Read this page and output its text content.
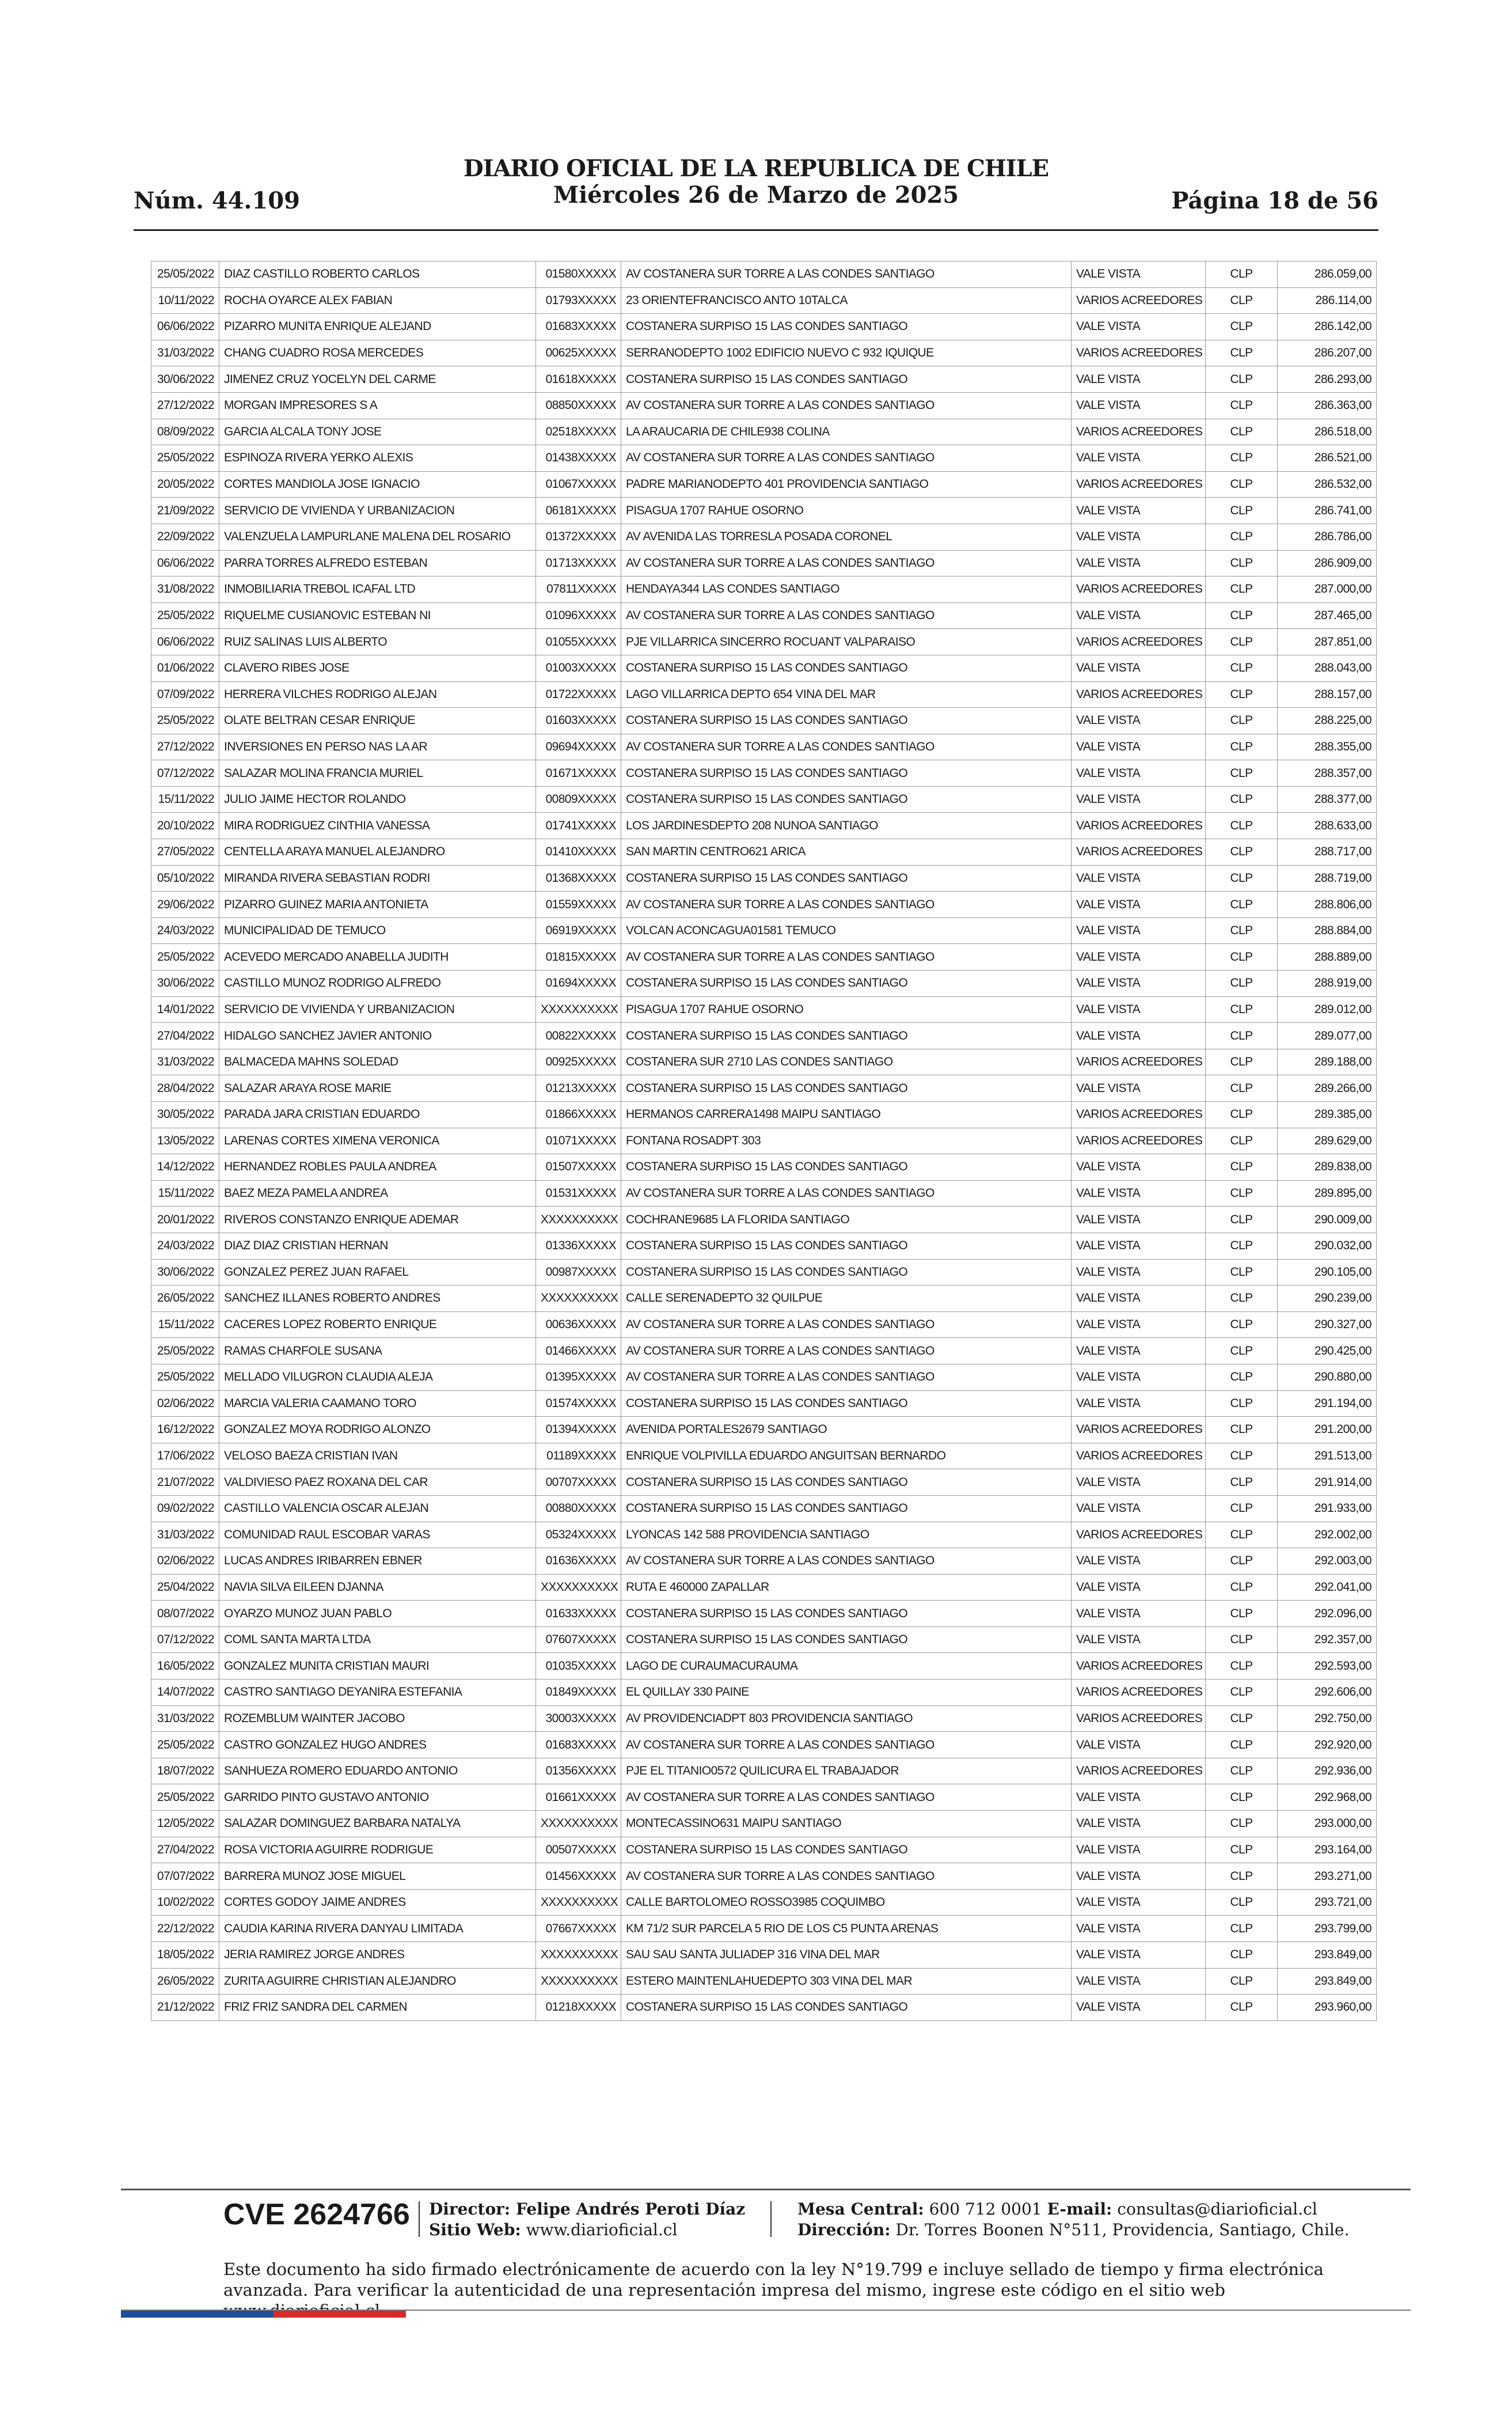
Núm. 44.109
DIARIO OFICIAL DE LA REPUBLICA DE CHILE
Miércoles 26 de Marzo de 2025	Página 18 de 56
25/05/2022	DIAZ CASTILLO ROBERTO CARLOS	01580XXXXX	AV COSTANERA SUR TORRE A LAS CONDES SANTIAGO	VALE VISTA	CLP	286.059,00
10/11/2022	ROCHA OYARCE ALEX FABIAN	01793XXXXX	23 ORIENTEFRANCISCO ANTO 10TALCA	VARIOS ACREEDORES	CLP	286.114,00
06/06/2022	PIZARRO MUNITA ENRIQUE ALEJAND	01683XXXXX	COSTANERA SURPISO 15 LAS CONDES SANTIAGO	VALE VISTA	CLP	286.142,00
31/03/2022	CHANG CUADRO ROSA MERCEDES	00625XXXXX	SERRANODEPTO 1002 EDIFICIO NUEVO C 932 IQUIQUE	VARIOS ACREEDORES	CLP	286.207,00
30/06/2022	JIMENEZ CRUZ YOCELYN DEL CARME	01618XXXXX	COSTANERA SURPISO 15 LAS CONDES SANTIAGO	VALE VISTA	CLP	286.293,00
27/12/2022	MORGAN IMPRESORES S A	08850XXXXX	AV COSTANERA SUR TORRE A LAS CONDES SANTIAGO	VALE VISTA	CLP	286.363,00
08/09/2022	GARCIA ALCALA TONY JOSE	02518XXXXX	LA ARAUCARIA DE CHILE938 COLINA	VARIOS ACREEDORES	CLP	286.518,00
25/05/2022	ESPINOZA RIVERA YERKO ALEXIS	01438XXXXX	AV COSTANERA SUR TORRE A LAS CONDES SANTIAGO	VALE VISTA	CLP	286.521,00
20/05/2022	CORTES MANDIOLA JOSE IGNACIO	01067XXXXX	PADRE MARIANODEPTO 401 PROVIDENCIA SANTIAGO	VARIOS ACREEDORES	CLP	286.532,00
21/09/2022	SERVICIO DE VIVIENDA Y URBANIZACION	06181XXXXX	PISAGUA 1707 RAHUE OSORNO	VALE VISTA	CLP	286.741,00
22/09/2022	VALENZUELA LAMPURLANE MALENA DEL ROSARIO	01372XXXXX	AV AVENIDA LAS TORRESLA POSADA CORONEL	VALE VISTA	CLP	286.786,00
06/06/2022	PARRA TORRES ALFREDO ESTEBAN	01713XXXXX	AV COSTANERA SUR TORRE A LAS CONDES SANTIAGO	VALE VISTA	CLP	286.909,00
31/08/2022	INMOBILIARIA TREBOL ICAFAL LTD	07811XXXXX	HENDAYA344 LAS CONDES SANTIAGO	VARIOS ACREEDORES	CLP	287.000,00
25/05/2022	RIQUELME CUSIANOVIC ESTEBAN NI	01096XXXXX	AV COSTANERA SUR TORRE A LAS CONDES SANTIAGO	VALE VISTA	CLP	287.465,00
06/06/2022	RUIZ SALINAS LUIS ALBERTO	01055XXXXX	PJE VILLARRICA SINCERRO ROCUANT VALPARAISO	VARIOS ACREEDORES	CLP	287.851,00
01/06/2022	CLAVERO RIBES JOSE	01003XXXXX	COSTANERA SURPISO 15 LAS CONDES SANTIAGO	VALE VISTA	CLP	288.043,00
07/09/2022	HERRERA VILCHES RODRIGO ALEJAN	01722XXXXX	LAGO VILLARRICA DEPTO 654 VINA DEL MAR	VARIOS ACREEDORES	CLP	288.157,00
25/05/2022	OLATE BELTRAN CESAR ENRIQUE	01603XXXXX	COSTANERA SURPISO 15 LAS CONDES SANTIAGO	VALE VISTA	CLP	288.225,00
27/12/2022	INVERSIONES EN PERSO NAS LA AR	09694XXXXX	AV COSTANERA SUR TORRE A LAS CONDES SANTIAGO	VALE VISTA	CLP	288.355,00
07/12/2022	SALAZAR MOLINA FRANCIA MURIEL	01671XXXXX	COSTANERA SURPISO 15 LAS CONDES SANTIAGO	VALE VISTA	CLP	288.357,00
15/11/2022	JULIO JAIME HECTOR ROLANDO	00809XXXXX	COSTANERA SURPISO 15 LAS CONDES SANTIAGO	VALE VISTA	CLP	288.377,00
20/10/2022	MIRA RODRIGUEZ CINTHIA VANESSA	01741XXXXX	LOS JARDINESDEPTO 208 NUNOA SANTIAGO	VARIOS ACREEDORES	CLP	288.633,00
27/05/2022	CENTELLA ARAYA MANUEL ALEJANDRO	01410XXXXX	SAN MARTIN CENTRO621 ARICA	VARIOS ACREEDORES	CLP	288.717,00
05/10/2022	MIRANDA RIVERA SEBASTIAN RODRI	01368XXXXX	COSTANERA SURPISO 15 LAS CONDES SANTIAGO	VALE VISTA	CLP	288.719,00
29/06/2022	PIZARRO GUINEZ MARIA ANTONIETA	01559XXXXX	AV COSTANERA SUR TORRE A LAS CONDES SANTIAGO	VALE VISTA	CLP	288.806,00
24/03/2022	MUNICIPALIDAD DE TEMUCO	06919XXXXX	VOLCAN ACONCAGUA01581 TEMUCO	VALE VISTA	CLP	288.884,00
25/05/2022	ACEVEDO MERCADO ANABELLA JUDITH	01815XXXXX	AV COSTANERA SUR TORRE A LAS CONDES SANTIAGO	VALE VISTA	CLP	288.889,00
30/06/2022	CASTILLO MUNOZ RODRIGO ALFREDO	01694XXXXX	COSTANERA SURPISO 15 LAS CONDES SANTIAGO	VALE VISTA	CLP	288.919,00
14/01/2022	SERVICIO DE VIVIENDA Y URBANIZACION	XXXXXXXXXX	PISAGUA 1707 RAHUE OSORNO	VALE VISTA	CLP	289.012,00
27/04/2022	HIDALGO SANCHEZ JAVIER ANTONIO	00822XXXXX	COSTANERA SURPISO 15 LAS CONDES SANTIAGO	VALE VISTA	CLP	289.077,00
31/03/2022	BALMACEDA MAHNS SOLEDAD	00925XXXXX	COSTANERA SUR 2710 LAS CONDES SANTIAGO	VARIOS ACREEDORES	CLP	289.188,00
28/04/2022	SALAZAR ARAYA ROSE MARIE	01213XXXXX	COSTANERA SURPISO 15 LAS CONDES SANTIAGO	VALE VISTA	CLP	289.266,00
30/05/2022	PARADA JARA CRISTIAN EDUARDO	01866XXXXX	HERMANOS CARRERA1498 MAIPU SANTIAGO	VARIOS ACREEDORES	CLP	289.385,00
13/05/2022	LARENAS CORTES XIMENA VERONICA	01071XXXXX	FONTANA ROSADPT 303	VARIOS ACREEDORES	CLP	289.629,00
14/12/2022	HERNANDEZ ROBLES PAULA ANDREA	01507XXXXX	COSTANERA SURPISO 15 LAS CONDES SANTIAGO	VALE VISTA	CLP	289.838,00
15/11/2022	BAEZ MEZA PAMELA ANDREA	01531XXXXX	AV COSTANERA SUR TORRE A LAS CONDES SANTIAGO	VALE VISTA	CLP	289.895,00
20/01/2022	RIVEROS CONSTANZO ENRIQUE ADEMAR	XXXXXXXXXX	COCHRANE9685 LA FLORIDA SANTIAGO	VALE VISTA	CLP	290.009,00
24/03/2022	DIAZ DIAZ CRISTIAN HERNAN	01336XXXXX	COSTANERA SURPISO 15 LAS CONDES SANTIAGO	VALE VISTA	CLP	290.032,00
30/06/2022	GONZALEZ PEREZ JUAN RAFAEL	00987XXXXX	COSTANERA SURPISO 15 LAS CONDES SANTIAGO	VALE VISTA	CLP	290.105,00
26/05/2022	SANCHEZ ILLANES ROBERTO ANDRES	XXXXXXXXXX	CALLE SERENADEPTO 32 QUILPUE	VALE VISTA	CLP	290.239,00
15/11/2022	CACERES LOPEZ ROBERTO ENRIQUE	00636XXXXX	AV COSTANERA SUR TORRE A LAS CONDES SANTIAGO	VALE VISTA	CLP	290.327,00
25/05/2022	RAMAS CHARFOLE SUSANA	01466XXXXX	AV COSTANERA SUR TORRE A LAS CONDES SANTIAGO	VALE VISTA	CLP	290.425,00
25/05/2022	MELLADO VILUGRON CLAUDIA ALEJA	01395XXXXX	AV COSTANERA SUR TORRE A LAS CONDES SANTIAGO	VALE VISTA	CLP	290.880,00
02/06/2022	MARCIA VALERIA CAAMANO TORO	01574XXXXX	COSTANERA SURPISO 15 LAS CONDES SANTIAGO	VALE VISTA	CLP	291.194,00
16/12/2022	GONZALEZ MOYA RODRIGO ALONZO	01394XXXXX	AVENIDA PORTALES2679 SANTIAGO	VARIOS ACREEDORES	CLP	291.200,00
17/06/2022	VELOSO BAEZA CRISTIAN IVAN	01189XXXXX	ENRIQUE VOLPIVILLA EDUARDO ANGUITSAN BERNARDO	VARIOS ACREEDORES	CLP	291.513,00
21/07/2022	VALDIVIESO PAEZ ROXANA DEL CAR	00707XXXXX	COSTANERA SURPISO 15 LAS CONDES SANTIAGO	VALE VISTA	CLP	291.914,00
09/02/2022	CASTILLO VALENCIA OSCAR ALEJAN	00880XXXXX	COSTANERA SURPISO 15 LAS CONDES SANTIAGO	VALE VISTA	CLP	291.933,00
31/03/2022	COMUNIDAD RAUL ESCOBAR VARAS	05324XXXXX	LYONCAS 142 588 PROVIDENCIA SANTIAGO	VARIOS ACREEDORES	CLP	292.002,00
02/06/2022	LUCAS ANDRES IRIBARREN EBNER	01636XXXXX	AV COSTANERA SUR TORRE A LAS CONDES SANTIAGO	VALE VISTA	CLP	292.003,00
25/04/2022	NAVIA SILVA EILEEN DJANNA	XXXXXXXXXX	RUTA E 460000 ZAPALLAR	VALE VISTA	CLP	292.041,00
08/07/2022	OYARZO MUNOZ JUAN PABLO	01633XXXXX	COSTANERA SURPISO 15 LAS CONDES SANTIAGO	VALE VISTA	CLP	292.096,00
07/12/2022	COML SANTA MARTA LTDA	07607XXXXX	COSTANERA SURPISO 15 LAS CONDES SANTIAGO	VALE VISTA	CLP	292.357,00
16/05/2022	GONZALEZ MUNITA CRISTIAN MAURI	01035XXXXX	LAGO DE CURAUMACURAUMA	VARIOS ACREEDORES	CLP	292.593,00
14/07/2022	CASTRO SANTIAGO DEYANIRA ESTEFANIA	01849XXXXX	EL QUILLAY 330 PAINE	VARIOS ACREEDORES	CLP	292.606,00
31/03/2022	ROZEMBLUM WAINTER JACOBO	30003XXXXX	AV PROVIDENCIADPT 803 PROVIDENCIA SANTIAGO	VARIOS ACREEDORES	CLP	292.750,00
25/05/2022	CASTRO GONZALEZ HUGO ANDRES	01683XXXXX	AV COSTANERA SUR TORRE A LAS CONDES SANTIAGO	VALE VISTA	CLP	292.920,00
18/07/2022	SANHUEZA ROMERO EDUARDO ANTONIO	01356XXXXX	PJE EL TITANIO0572 QUILICURA EL TRABAJADOR	VARIOS ACREEDORES	CLP	292.936,00
25/05/2022	GARRIDO PINTO GUSTAVO ANTONIO	01661XXXXX	AV COSTANERA SUR TORRE A LAS CONDES SANTIAGO	VALE VISTA	CLP	292.968,00
12/05/2022	SALAZAR DOMINGUEZ BARBARA NATALYA	XXXXXXXXXX	MONTECASSINO631 MAIPU SANTIAGO	VALE VISTA	CLP	293.000,00
27/04/2022	ROSA VICTORIA AGUIRRE RODRIGUE	00507XXXXX	COSTANERA SURPISO 15 LAS CONDES SANTIAGO	VALE VISTA	CLP	293.164,00
07/07/2022	BARRERA MUNOZ JOSE MIGUEL	01456XXXXX	AV COSTANERA SUR TORRE A LAS CONDES SANTIAGO	VALE VISTA	CLP	293.271,00
10/02/2022	CORTES GODOY JAIME ANDRES	XXXXXXXXXX	CALLE BARTOLOMEO ROSSO3985 COQUIMBO	VALE VISTA	CLP	293.721,00
22/12/2022	CAUDIA KARINA RIVERA DANYAU LIMITADA	07667XXXXX	KM 71/2 SUR PARCELA 5 RIO DE LOS C5 PUNTA ARENAS	VALE VISTA	CLP	293.799,00
18/05/2022	JERIA RAMIREZ JORGE ANDRES	XXXXXXXXXX	SAU SAU SANTA JULIADEP 316 VINA DEL MAR	VALE VISTA	CLP	293.849,00
26/05/2022	ZURITA AGUIRRE CHRISTIAN ALEJANDRO	XXXXXXXXXX	ESTERO MAINTENLAHUEDEPTO 303 VINA DEL MAR	VALE VISTA	CLP	293.849,00
21/12/2022	FRIZ FRIZ SANDRA DEL CARMEN	01218XXXXX	COSTANERA SURPISO 15 LAS CONDES SANTIAGO	VALE VISTA	CLP	293.960,00
CVE 2624766 Director: Felipe Andrés Peroti Díaz
Sitio Web: www.diarioficial.cl
Mesa Central: 600 712 0001 E-mail: consultas@diarioficial.cl
Dirección: Dr. Torres Boonen N°511, Providencia, Santiago, Chile.
Este documento ha sido firmado electrónicamente de acuerdo con la ley N°19.799 e incluye sellado de tiempo y firma electrónica avanzada. Para verificar la autenticidad de una representación impresa del mismo, ingrese este código en el sitio web
